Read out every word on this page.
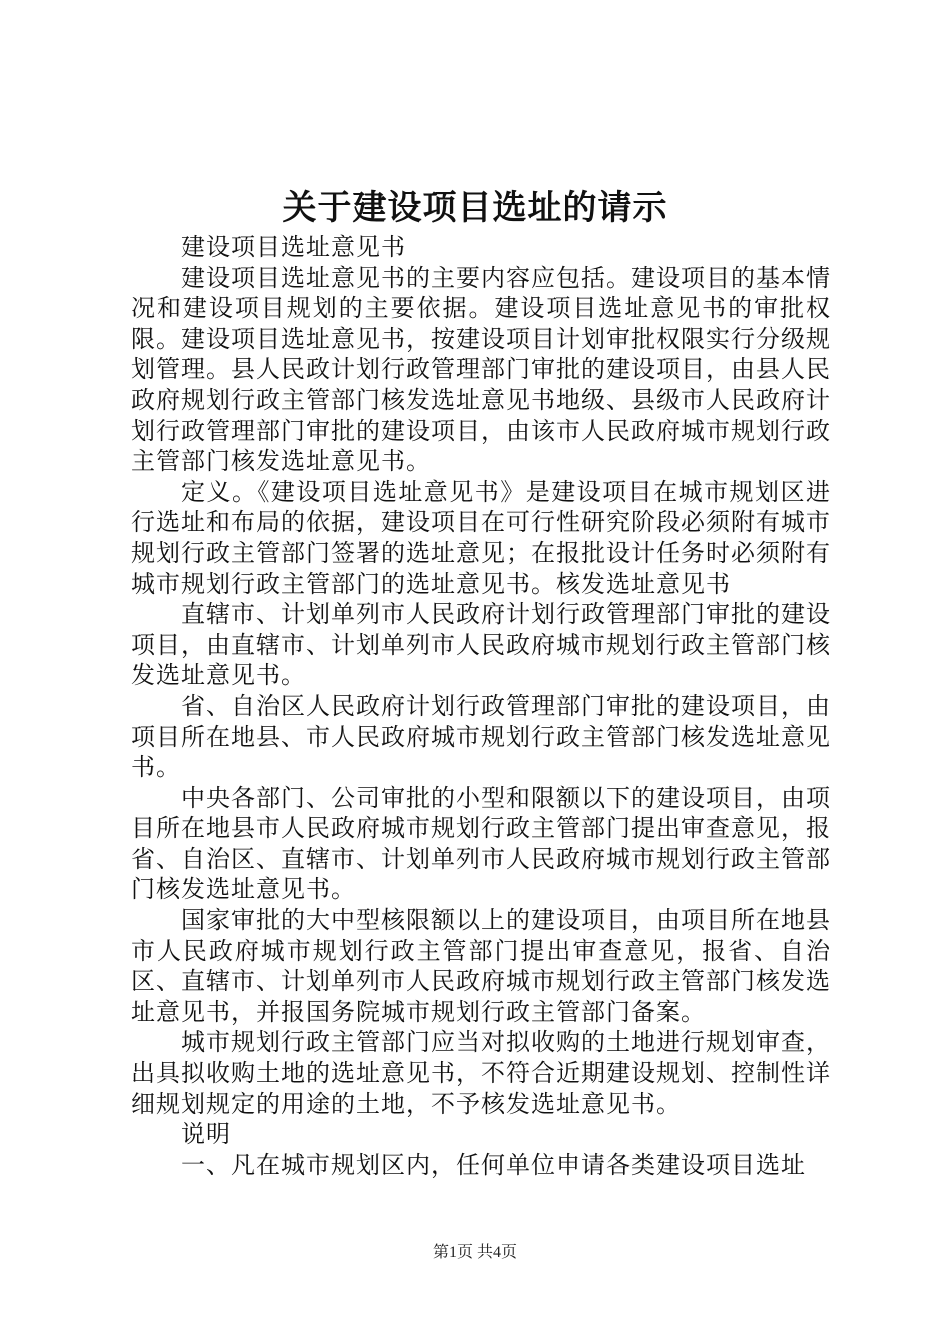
关于建设项目选址的请示

建设项目选址意见书

建设项目选址意见书的主要内容应包括。建设项目的基本情况和建设项目规划的主要依据。建设项目选址意见书的审批权限。建设项目选址意见书，按建设项目计划审批权限实行分级规划管理。县人民政计划行政管理部门审批的建设项目，由县人民政府规划行政主管部门核发选址意见书地级、县级市人民政府计划行政管理部门审批的建设项目，由该市人民政府城市规划行政主管部门核发选址意见书。

定义。《建设项目选址意见书》是建设项目在城市规划区进行选址和布局的依据，建设项目在可行性研究阶段必须附有城市规划行政主管部门签署的选址意见；在报批设计任务时必须附有城市规划行政主管部门的选址意见书。核发选址意见书

直辖市、计划单列市人民政府计划行政管理部门审批的建设项目，由直辖市、计划单列市人民政府城市规划行政主管部门核发选址意见书。

省、自治区人民政府计划行政管理部门审批的建设项目，由项目所在地县、市人民政府城市规划行政主管部门核发选址意见书。

中央各部门、公司审批的小型和限额以下的建设项目，由项目所在地县市人民政府城市规划行政主管部门提出审查意见，报省、自治区、直辖市、计划单列市人民政府城市规划行政主管部门核发选址意见书。

国家审批的大中型核限额以上的建设项目，由项目所在地县市人民政府城市规划行政主管部门提出审查意见，报省、自治区、直辖市、计划单列市人民政府城市规划行政主管部门核发选址意见书，并报国务院城市规划行政主管部门备案。

城市规划行政主管部门应当对拟收购的土地进行规划审查，出具拟收购土地的选址意见书，不符合近期建设规划、控制性详细规划规定的用途的土地，不予核发选址意见书。

说明

一、凡在城市规划区内，任何单位申请各类建设项目选址

第1页 共4页
